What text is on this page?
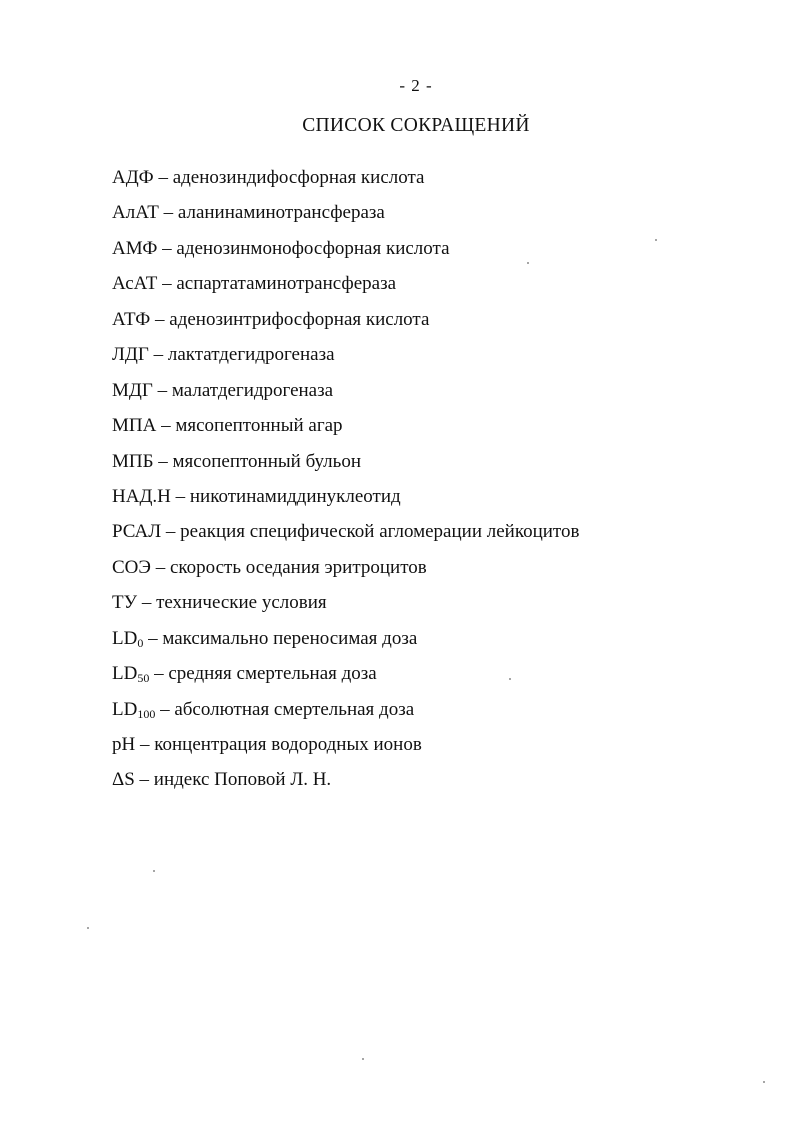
- 2 -
СПИСОК СОКРАЩЕНИЙ
АДФ – аденозиндифосфорная кислота
АлАТ – аланинаминотрансфераза
АМФ – аденозинмонофосфорная кислота
АсАТ – аспартатаминотрансфераза
АТФ – аденозинтрифосфорная кислота
ЛДГ – лактатдегидрогеназа
МДГ – малатдегидрогеназа
МПА – мясопептонный агар
МПБ – мясопептонный бульон
НАД.Н – никотинамиддинуклеотид
РСАЛ – реакция специфической агломерации лейкоцитов
СОЭ – скорость оседания эритроцитов
ТУ – технические условия
$LD_0$ – максимально переносимая доза
$LD_{50}$ – средняя смертельная доза
$LD_{100}$ – абсолютная смертельная доза
pH – концентрация водородных ионов
ΔS – индекс Поповой Л. Н.
